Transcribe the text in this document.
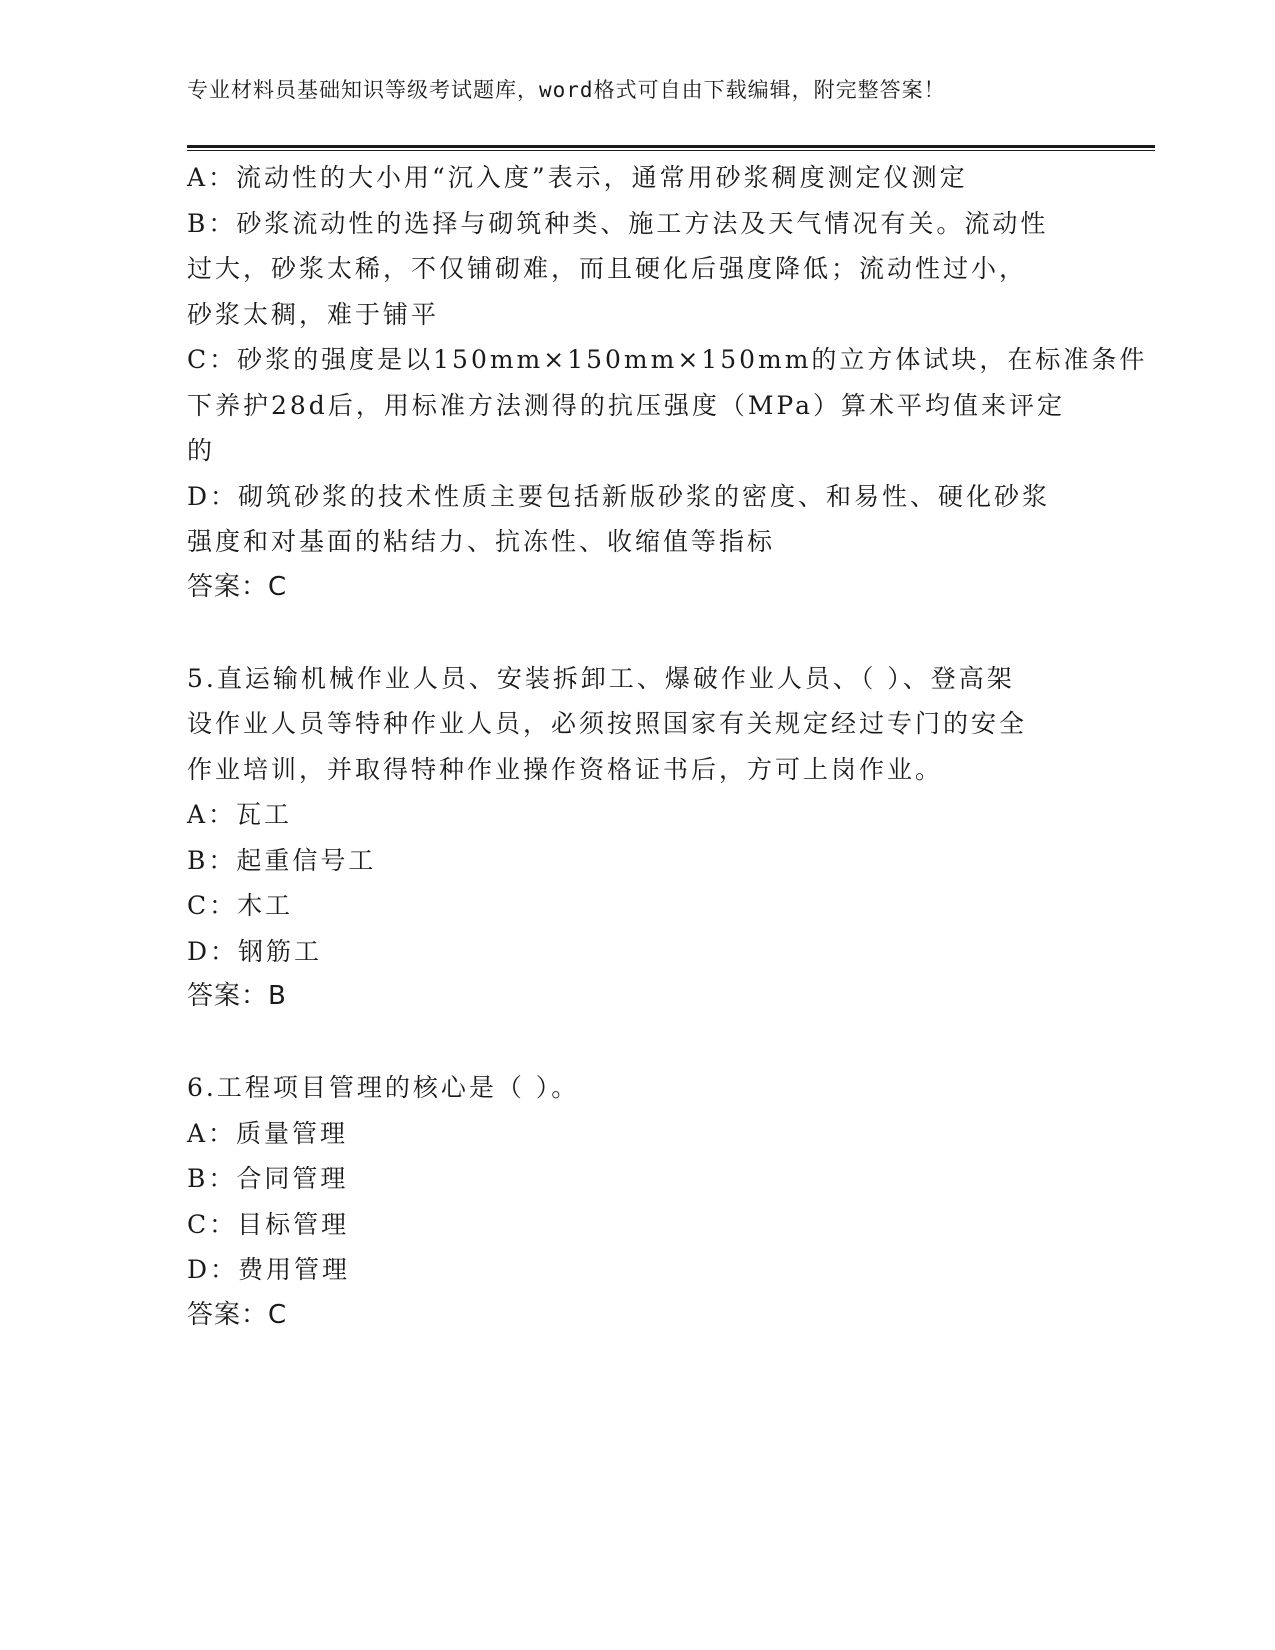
专业材料员基础知识等级考试题库，word格式可自由下载编辑，附完整答案！
A：流动性的大小用“沉入度”表示，通常用砂浆稠度测定仪测定
B：砂浆流动性的选择与砌筑种类、施工方法及天气情况有关。流动性
过大，砂浆太稀，不仅铺砌难，而且硬化后强度降低；流动性过小，
砂浆太稠，难于铺平
C：砂浆的强度是以150mm×150mm×150mm的立方体试块，在标准条件
下养护28d后，用标准方法测得的抗压强度（MPa）算术平均值来评定
的
D：砌筑砂浆的技术性质主要包括新版砂浆的密度、和易性、硬化砂浆
强度和对基面的粘结力、抗冻性、收缩值等指标
答案：C
5.直运输机械作业人员、安装拆卸工、爆破作业人员、（ ）、登高架
设作业人员等特种作业人员，必须按照国家有关规定经过专门的安全
作业培训，并取得特种作业操作资格证书后，方可上岗作业。
A：瓦工
B：起重信号工
C：木工
D：钢筋工
答案：B
6.工程项目管理的核心是（ ）。
A：质量管理
B：合同管理
C：目标管理
D：费用管理
答案：C
